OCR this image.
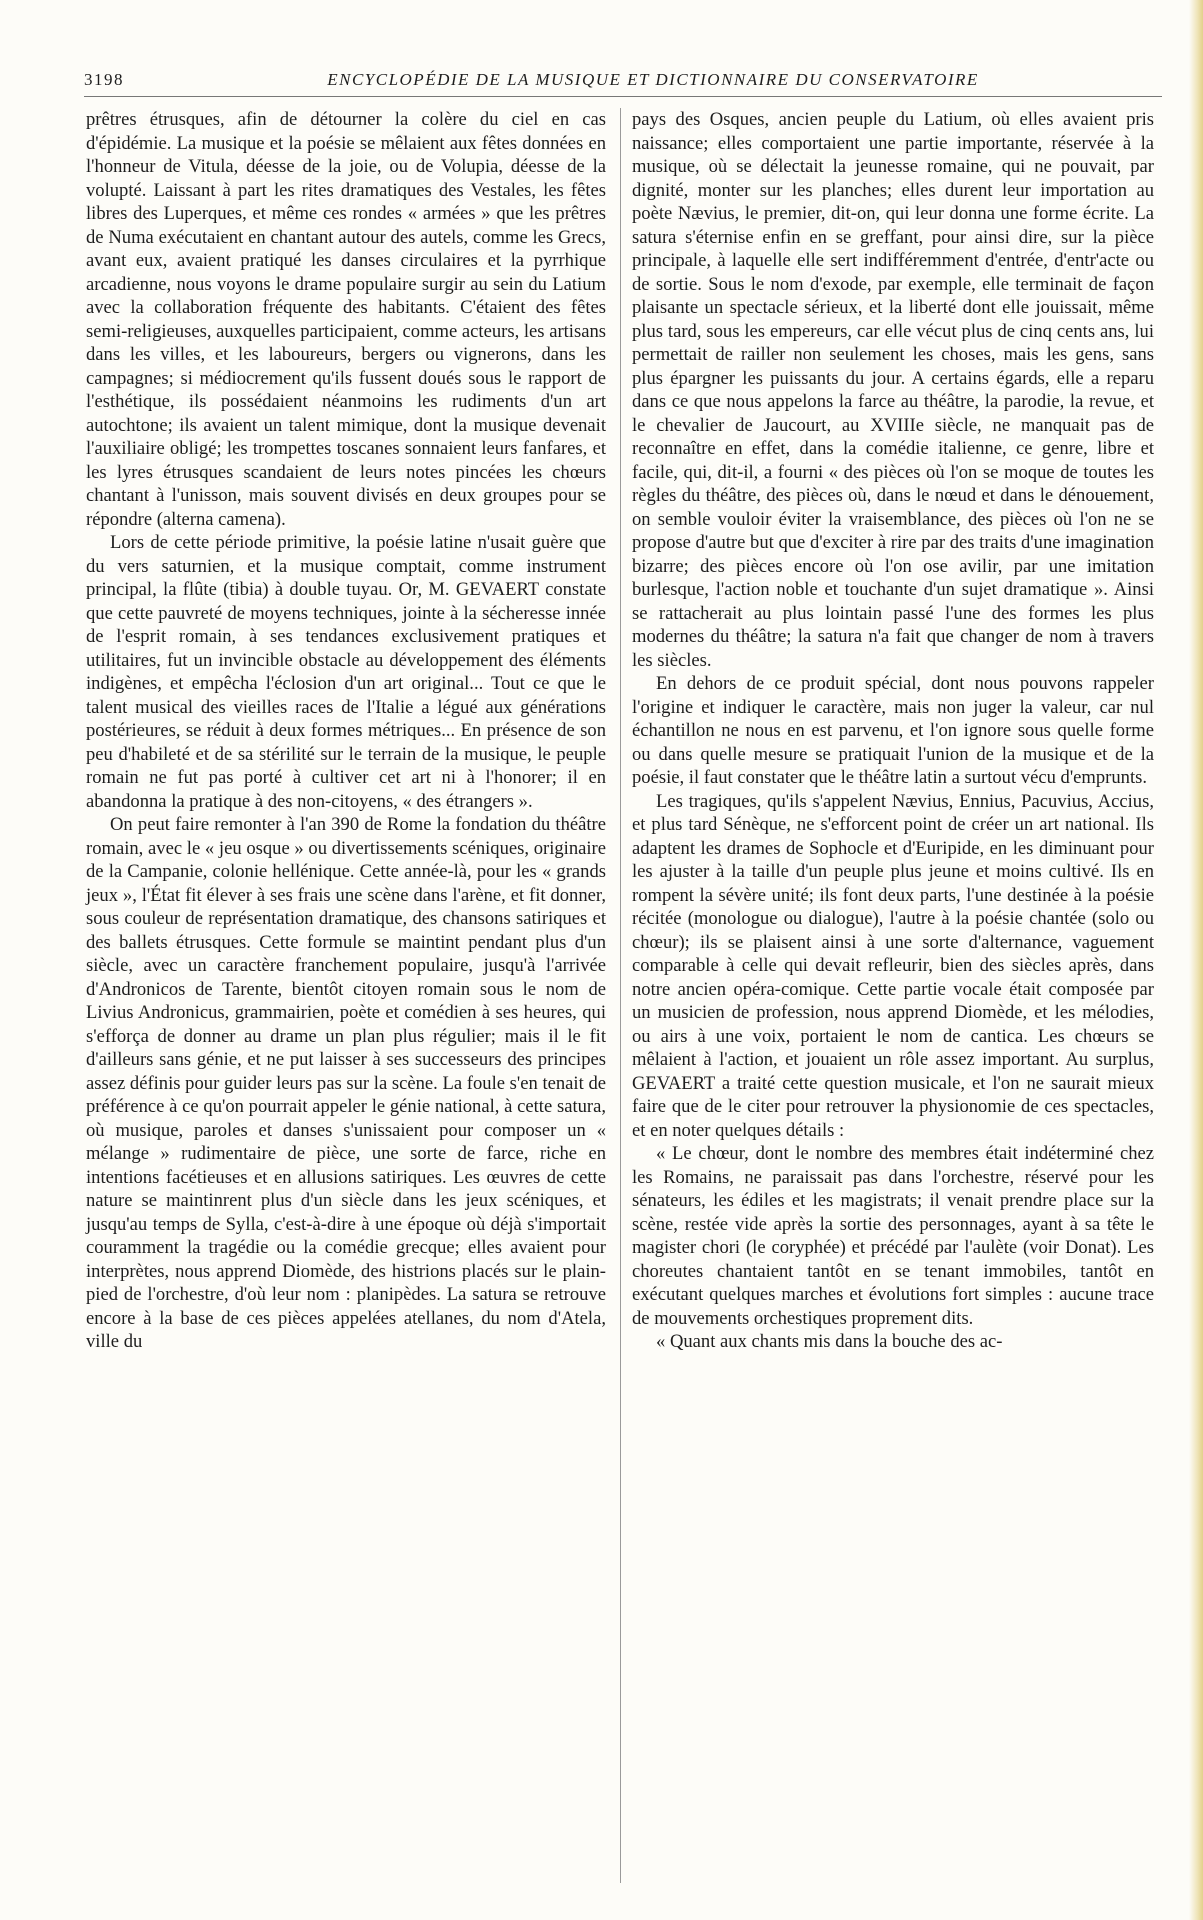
3198	ENCYCLOPÉDIE DE LA MUSIQUE ET DICTIONNAIRE DU CONSERVATOIRE

prêtres étrusques, afin de détourner la colère du ciel en cas d'épidémie. La musique et la poésie se mêlaient aux fêtes données en l'honneur de Vitula, déesse de la joie, ou de Volupia, déesse de la volupté. Laissant à part les rites dramatiques des Vestales, les fêtes libres des Luperques, et même ces rondes « armées » que les prêtres de Numa exécutaient en chantant autour des autels, comme les Grecs, avant eux, avaient pratiqué les danses circulaires et la pyrrhique arcadienne, nous voyons le drame populaire surgir au sein du Latium avec la collaboration fréquente des habitants. C'étaient des fêtes semi-religieuses, auxquelles participaient, comme acteurs, les artisans dans les villes, et les laboureurs, bergers ou vignerons, dans les campagnes; si médiocrement qu'ils fussent doués sous le rapport de l'esthétique, ils possédaient néanmoins les rudiments d'un art autochtone; ils avaient un talent mimique, dont la musique devenait l'auxiliaire obligé; les trompettes toscanes sonnaient leurs fanfares, et les lyres étrusques scandaient de leurs notes pincées les chœurs chantant à l'unisson, mais souvent divisés en deux groupes pour se répondre (alterna camena).

Lors de cette période primitive, la poésie latine n'usait guère que du vers saturnien, et la musique comptait, comme instrument principal, la flûte (tibia) à double tuyau. Or, M. GEVAERT constate que cette pauvreté de moyens techniques, jointe à la sécheresse innée de l'esprit romain, à ses tendances exclusivement pratiques et utilitaires, fut un invincible obstacle au développement des éléments indigènes, et empêcha l'éclosion d'un art original... Tout ce que le talent musical des vieilles races de l'Italie a légué aux générations postérieures, se réduit à deux formes métriques... En présence de son peu d'habileté et de sa stérilité sur le terrain de la musique, le peuple romain ne fut pas porté à cultiver cet art ni à l'honorer; il en abandonna la pratique à des non-citoyens, « des étrangers ».

On peut faire remonter à l'an 390 de Rome la fondation du théâtre romain, avec le « jeu osque » ou divertissements scéniques, originaire de la Campanie, colonie hellénique. Cette année-là, pour les « grands jeux », l'État fit élever à ses frais une scène dans l'arène, et fit donner, sous couleur de représentation dramatique, des chansons satiriques et des ballets étrusques. Cette formule se maintint pendant plus d'un siècle, avec un caractère franchement populaire, jusqu'à l'arrivée d'Andronicos de Tarente, bientôt citoyen romain sous le nom de Livius Andronicus, grammairien, poète et comédien à ses heures, qui s'efforça de donner au drame un plan plus régulier; mais il le fit d'ailleurs sans génie, et ne put laisser à ses successeurs des principes assez définis pour guider leurs pas sur la scène. La foule s'en tenait de préférence à ce qu'on pourrait appeler le génie national, à cette satura, où musique, paroles et danses s'unissaient pour composer un « mélange » rudimentaire de pièce, une sorte de farce, riche en intentions facétieuses et en allusions satiriques. Les œuvres de cette nature se maintinrent plus d'un siècle dans les jeux scéniques, et jusqu'au temps de Sylla, c'est-à-dire à une époque où déjà s'importait couramment la tragédie ou la comédie grecque; elles avaient pour interprètes, nous apprend Diomède, des histrions placés sur le plain-pied de l'orchestre, d'où leur nom : planipèdes. La satura se retrouve encore à la base de ces pièces appelées atellanes, du nom d'Atela, ville du

pays des Osques, ancien peuple du Latium, où elles avaient pris naissance; elles comportaient une partie importante, réservée à la musique, où se délectait la jeunesse romaine, qui ne pouvait, par dignité, monter sur les planches; elles durent leur importation au poète Nævius, le premier, dit-on, qui leur donna une forme écrite. La satura s'éternise enfin en se greffant, pour ainsi dire, sur la pièce principale, à laquelle elle sert indifféremment d'entrée, d'entr'acte ou de sortie. Sous le nom d'exode, par exemple, elle terminait de façon plaisante un spectacle sérieux, et la liberté dont elle jouissait, même plus tard, sous les empereurs, car elle vécut plus de cinq cents ans, lui permettait de railler non seulement les choses, mais les gens, sans plus épargner les puissants du jour. A certains égards, elle a reparu dans ce que nous appelons la farce au théâtre, la parodie, la revue, et le chevalier de Jaucourt, au XVIIIe siècle, ne manquait pas de reconnaître en effet, dans la comédie italienne, ce genre, libre et facile, qui, dit-il, a fourni « des pièces où l'on se moque de toutes les règles du théâtre, des pièces où, dans le nœud et dans le dénouement, on semble vouloir éviter la vraisemblance, des pièces où l'on ne se propose d'autre but que d'exciter à rire par des traits d'une imagination bizarre; des pièces encore où l'on ose avilir, par une imitation burlesque, l'action noble et touchante d'un sujet dramatique ». Ainsi se rattacherait au plus lointain passé l'une des formes les plus modernes du théâtre; la satura n'a fait que changer de nom à travers les siècles.

En dehors de ce produit spécial, dont nous pouvons rappeler l'origine et indiquer le caractère, mais non juger la valeur, car nul échantillon ne nous en est parvenu, et l'on ignore sous quelle forme ou dans quelle mesure se pratiquait l'union de la musique et de la poésie, il faut constater que le théâtre latin a surtout vécu d'emprunts.

Les tragiques, qu'ils s'appelent Nævius, Ennius, Pacuvius, Accius, et plus tard Sénèque, ne s'efforcent point de créer un art national. Ils adaptent les drames de Sophocle et d'Euripide, en les diminuant pour les ajuster à la taille d'un peuple plus jeune et moins cultivé. Ils en rompent la sévère unité; ils font deux parts, l'une destinée à la poésie récitée (monologue ou dialogue), l'autre à la poésie chantée (solo ou chœur); ils se plaisent ainsi à une sorte d'alternance, vaguement comparable à celle qui devait refleurir, bien des siècles après, dans notre ancien opéra-comique. Cette partie vocale était composée par un musicien de profession, nous apprend Diomède, et les mélodies, ou airs à une voix, portaient le nom de cantica. Les chœurs se mêlaient à l'action, et jouaient un rôle assez important. Au surplus, GEVAERT a traité cette question musicale, et l'on ne saurait mieux faire que de le citer pour retrouver la physionomie de ces spectacles, et en noter quelques détails :

« Le chœur, dont le nombre des membres était indéterminé chez les Romains, ne paraissait pas dans l'orchestre, réservé pour les sénateurs, les édiles et les magistrats; il venait prendre place sur la scène, restée vide après la sortie des personnages, ayant à sa tête le magister chori (le coryphée) et précédé par l'aulète (voir Donat). Les choreutes chantaient tantôt en se tenant immobiles, tantôt en exécutant quelques marches et évolutions fort simples : aucune trace de mouvements orchestiques proprement dits.

« Quant aux chants mis dans la bouche des ac-
